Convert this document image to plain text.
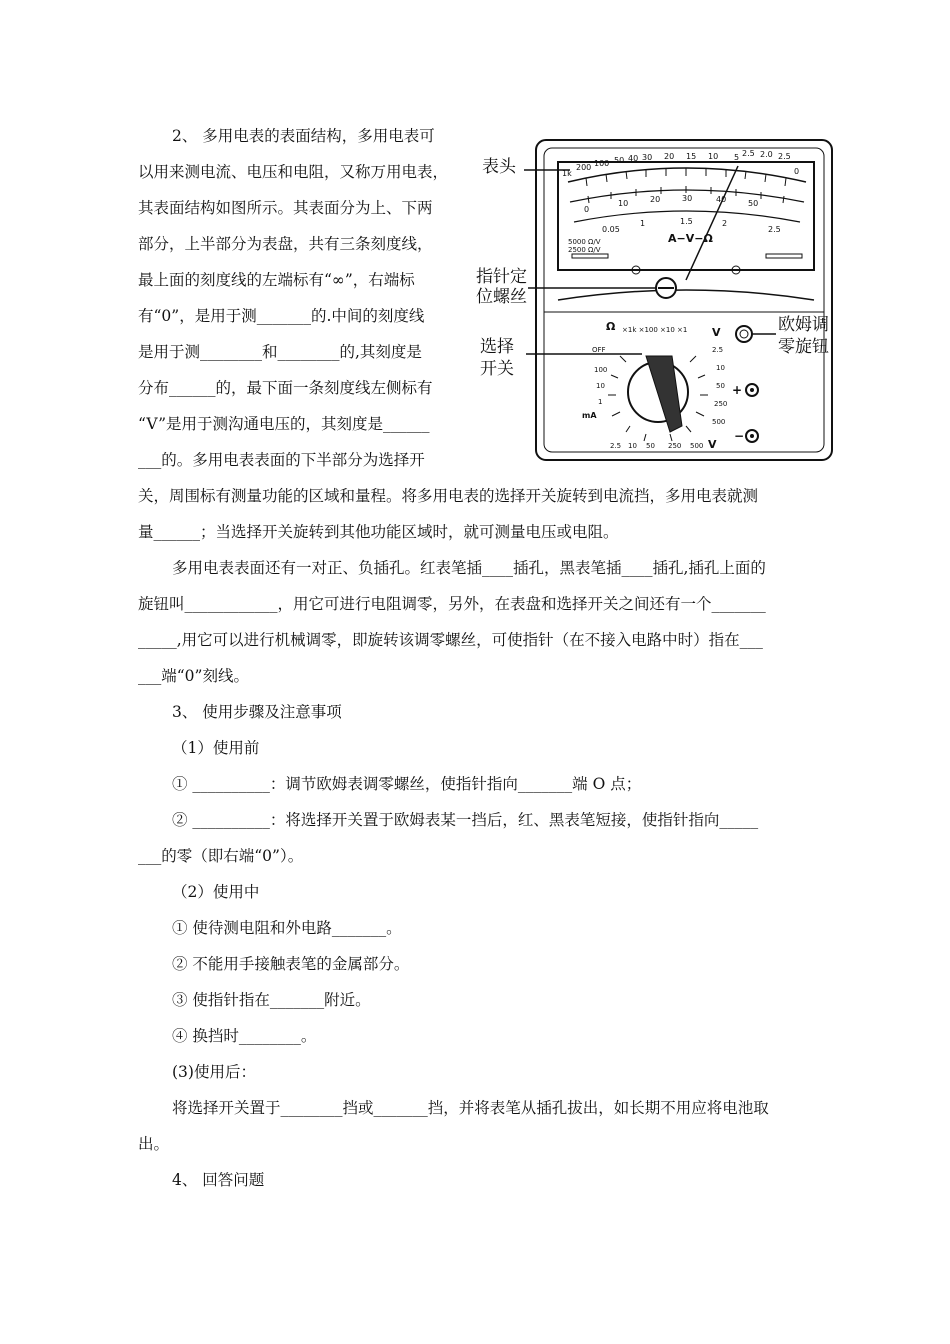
2、 多用电表的表面结构，多用电表可
以用来测电流、电压和电阻，又称万用电表，
其表面结构如图所示。其表面分为上、下两
部分，上半部分为表盘，共有三条刻度线，
最上面的刻度线的左端标有“∞”，右端标
有“0”，是用于测_______的.中间的刻度线
是用于测________和________的,其刻度是
分布______的，最下面一条刻度线左侧标有
“V”是用于测沟通电压的，其刻度是______
___的。多用电表表面的下半部分为选择开
关，周围标有测量功能的区域和量程。将多用电表的选择开关旋转到电流挡，多用电表就测
量______；当选择开关旋转到其他功能区域时，就可测量电压或电阻。
多用电表表面还有一对正、负插孔。红表笔插____插孔，黑表笔插____插孔,插孔上面的
旋钮叫____________，用它可进行电阻调零，另外，在表盘和选择开关之间还有一个_______
_____,用它可以进行机械调零，即旋转该调零螺丝，可使指针（在不接入电路中时）指在___
___端“0”刻线。
3、 使用步骤及注意事项
（1）使用前
① __________：调节欧姆表调零螺丝，使指针指向_______端 O 点；
② __________：将选择开关置于欧姆表某一挡后，红、黑表笔短接，使指针指向_____
___的零（即右端“0”）。
（2）使用中
① 使待测电阻和外电路_______。
② 不能用手接触表笔的金属部分。
③ 使指针指在_______附近。
④ 换挡时________。
(3)使用后：
将选择开关置于________挡或_______挡，并将表笔从插孔拔出，如长期不用应将电池取
出。
4、 回答问题
1k
200 100 50 40 30 20 15 10 5 2.5 2.0 2.5
0
0
10	20	30	40	50
0.05
1	1.5	2
2.5
A−V−Ω
5000 Ω/V
2500 Ω/V
Ω ×1k ×100 ×10 ×1 V
OFF	2.5
10
50
250
500
100
10
1
mA
2.5 10 50 250 500 V
+
−
表头
指针定
位螺丝
选择
开关
欧姆调
零旋钮
